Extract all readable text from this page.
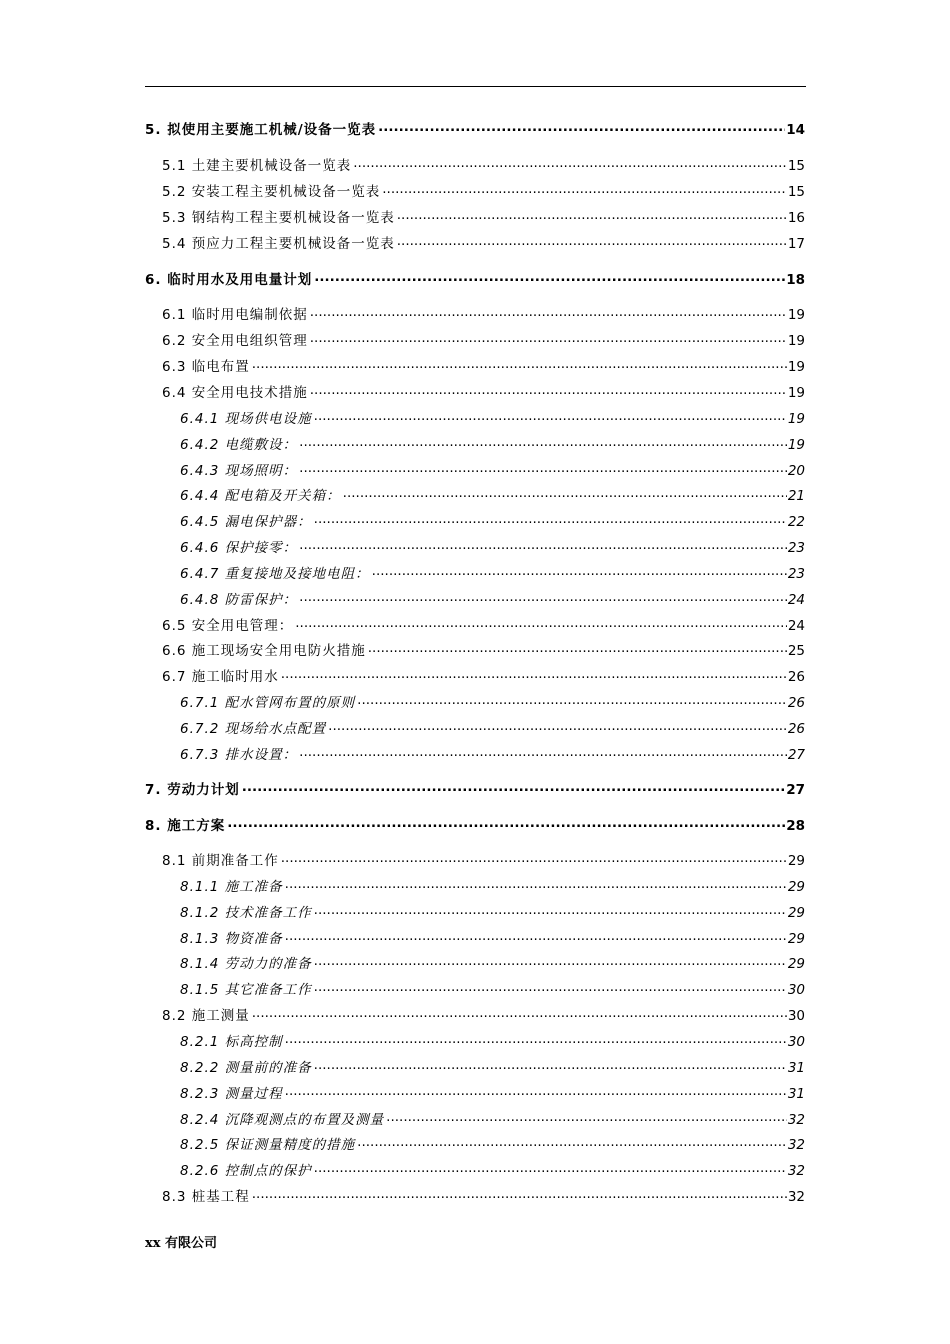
5. 拟使用主要施工机械/设备一览表 .....	14
5.1 土建主要机械设备一览表 .....	15
5.2 安装工程主要机械设备一览表 .....	15
5.3 钢结构工程主要机械设备一览表 .....	16
5.4 预应力工程主要机械设备一览表 .....	17
6. 临时用水及用电量计划 .....	18
6.1 临时用电编制依据 .....	19
6.2 安全用电组织管理 .....	19
6.3 临电布置 .....	19
6.4 安全用电技术措施 .....	19
6.4.1 现场供电设施 .....	19
6.4.2 电缆敷设： .....	19
6.4.3 现场照明： .....	20
6.4.4 配电箱及开关箱： .....	21
6.4.5 漏电保护器： .....	22
6.4.6 保护接零： .....	23
6.4.7 重复接地及接地电阻： .....	23
6.4.8 防雷保护： .....	24
6.5 安全用电管理： .....	24
6.6 施工现场安全用电防火措施 .....	25
6.7 施工临时用水 .....	26
6.7.1 配水管网布置的原则 .....	26
6.7.2 现场给水点配置 .....	26
6.7.3 排水设置： .....	27
7. 劳动力计划 .....	27
8. 施工方案 .....	28
8.1 前期准备工作 .....	29
8.1.1 施工准备 .....	29
8.1.2 技术准备工作 .....	29
8.1.3 物资准备 .....	29
8.1.4 劳动力的准备 .....	29
8.1.5 其它准备工作 .....	30
8.2 施工测量 .....	30
8.2.1 标高控制 .....	30
8.2.2 测量前的准备 .....	31
8.2.3 测量过程 .....	31
8.2.4 沉降观测点的布置及测量 .....	32
8.2.5 保证测量精度的措施 .....	32
8.2.6 控制点的保护 .....	32
8.3 桩基工程 .....	32
xx 有限公司
